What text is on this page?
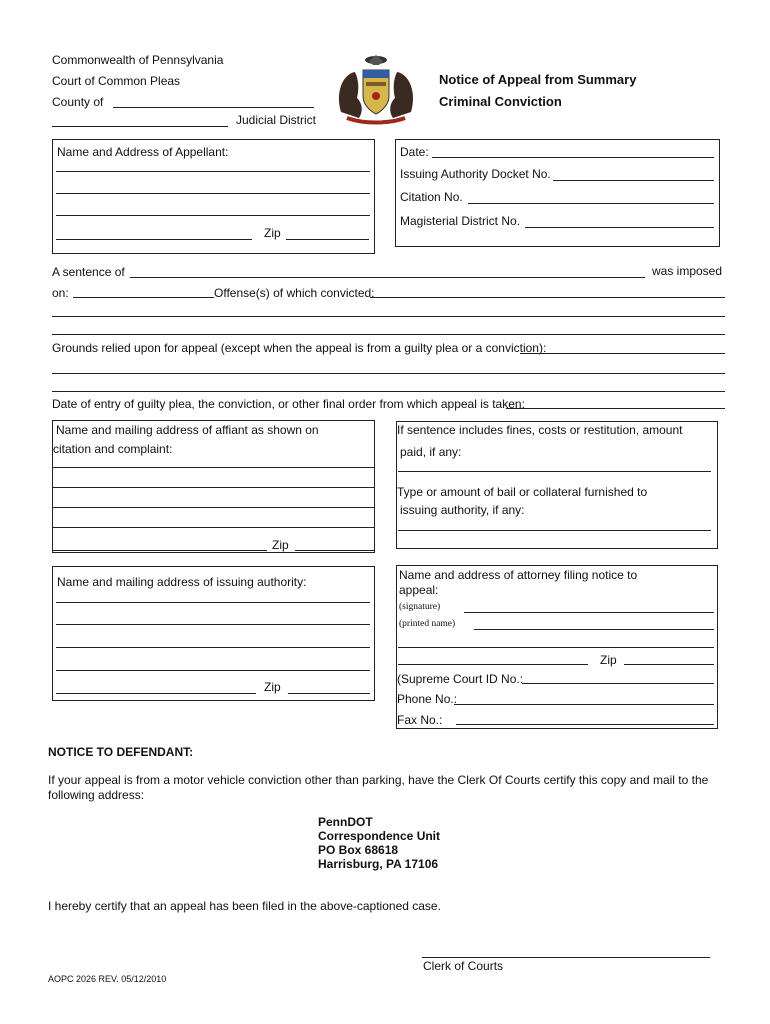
Commonwealth of Pennsylvania
Court of Common Pleas
County of
Judicial District
Notice of Appeal from Summary
Criminal Conviction
Name and Address of Appellant:
Zip
Date:
Issuing Authority Docket No.
Citation No.
Magisterial District No.
A sentence of	was imposed
on:	Offense(s) of which convicted:
Grounds relied upon for appeal (except when the appeal is from a guilty plea or a conviction):
Date of entry of guilty plea, the conviction, or other final order from which appeal is taken:
Name and mailing address of affiant as shown on
citation and complaint:
Zip
If sentence includes fines, costs or restitution, amount
paid, if any:
Type or amount of bail or collateral furnished to
issuing authority, if any:
Name and mailing address of issuing authority:
Zip
Name and address of attorney filing notice to
appeal:
(signature)
(printed name)
Zip
(Supreme Court ID No.:
Phone No.:
Fax No.:
NOTICE TO DEFENDANT:
If your appeal is from a motor vehicle conviction other than parking, have the Clerk Of Courts certify this copy and mail to the
following address:
PennDOT
Correspondence Unit
PO Box 68618
Harrisburg, PA 17106
I hereby certify that an appeal has been filed in the above-captioned case.
Clerk of Courts
AOPC 2026 REV. 05/12/2010
